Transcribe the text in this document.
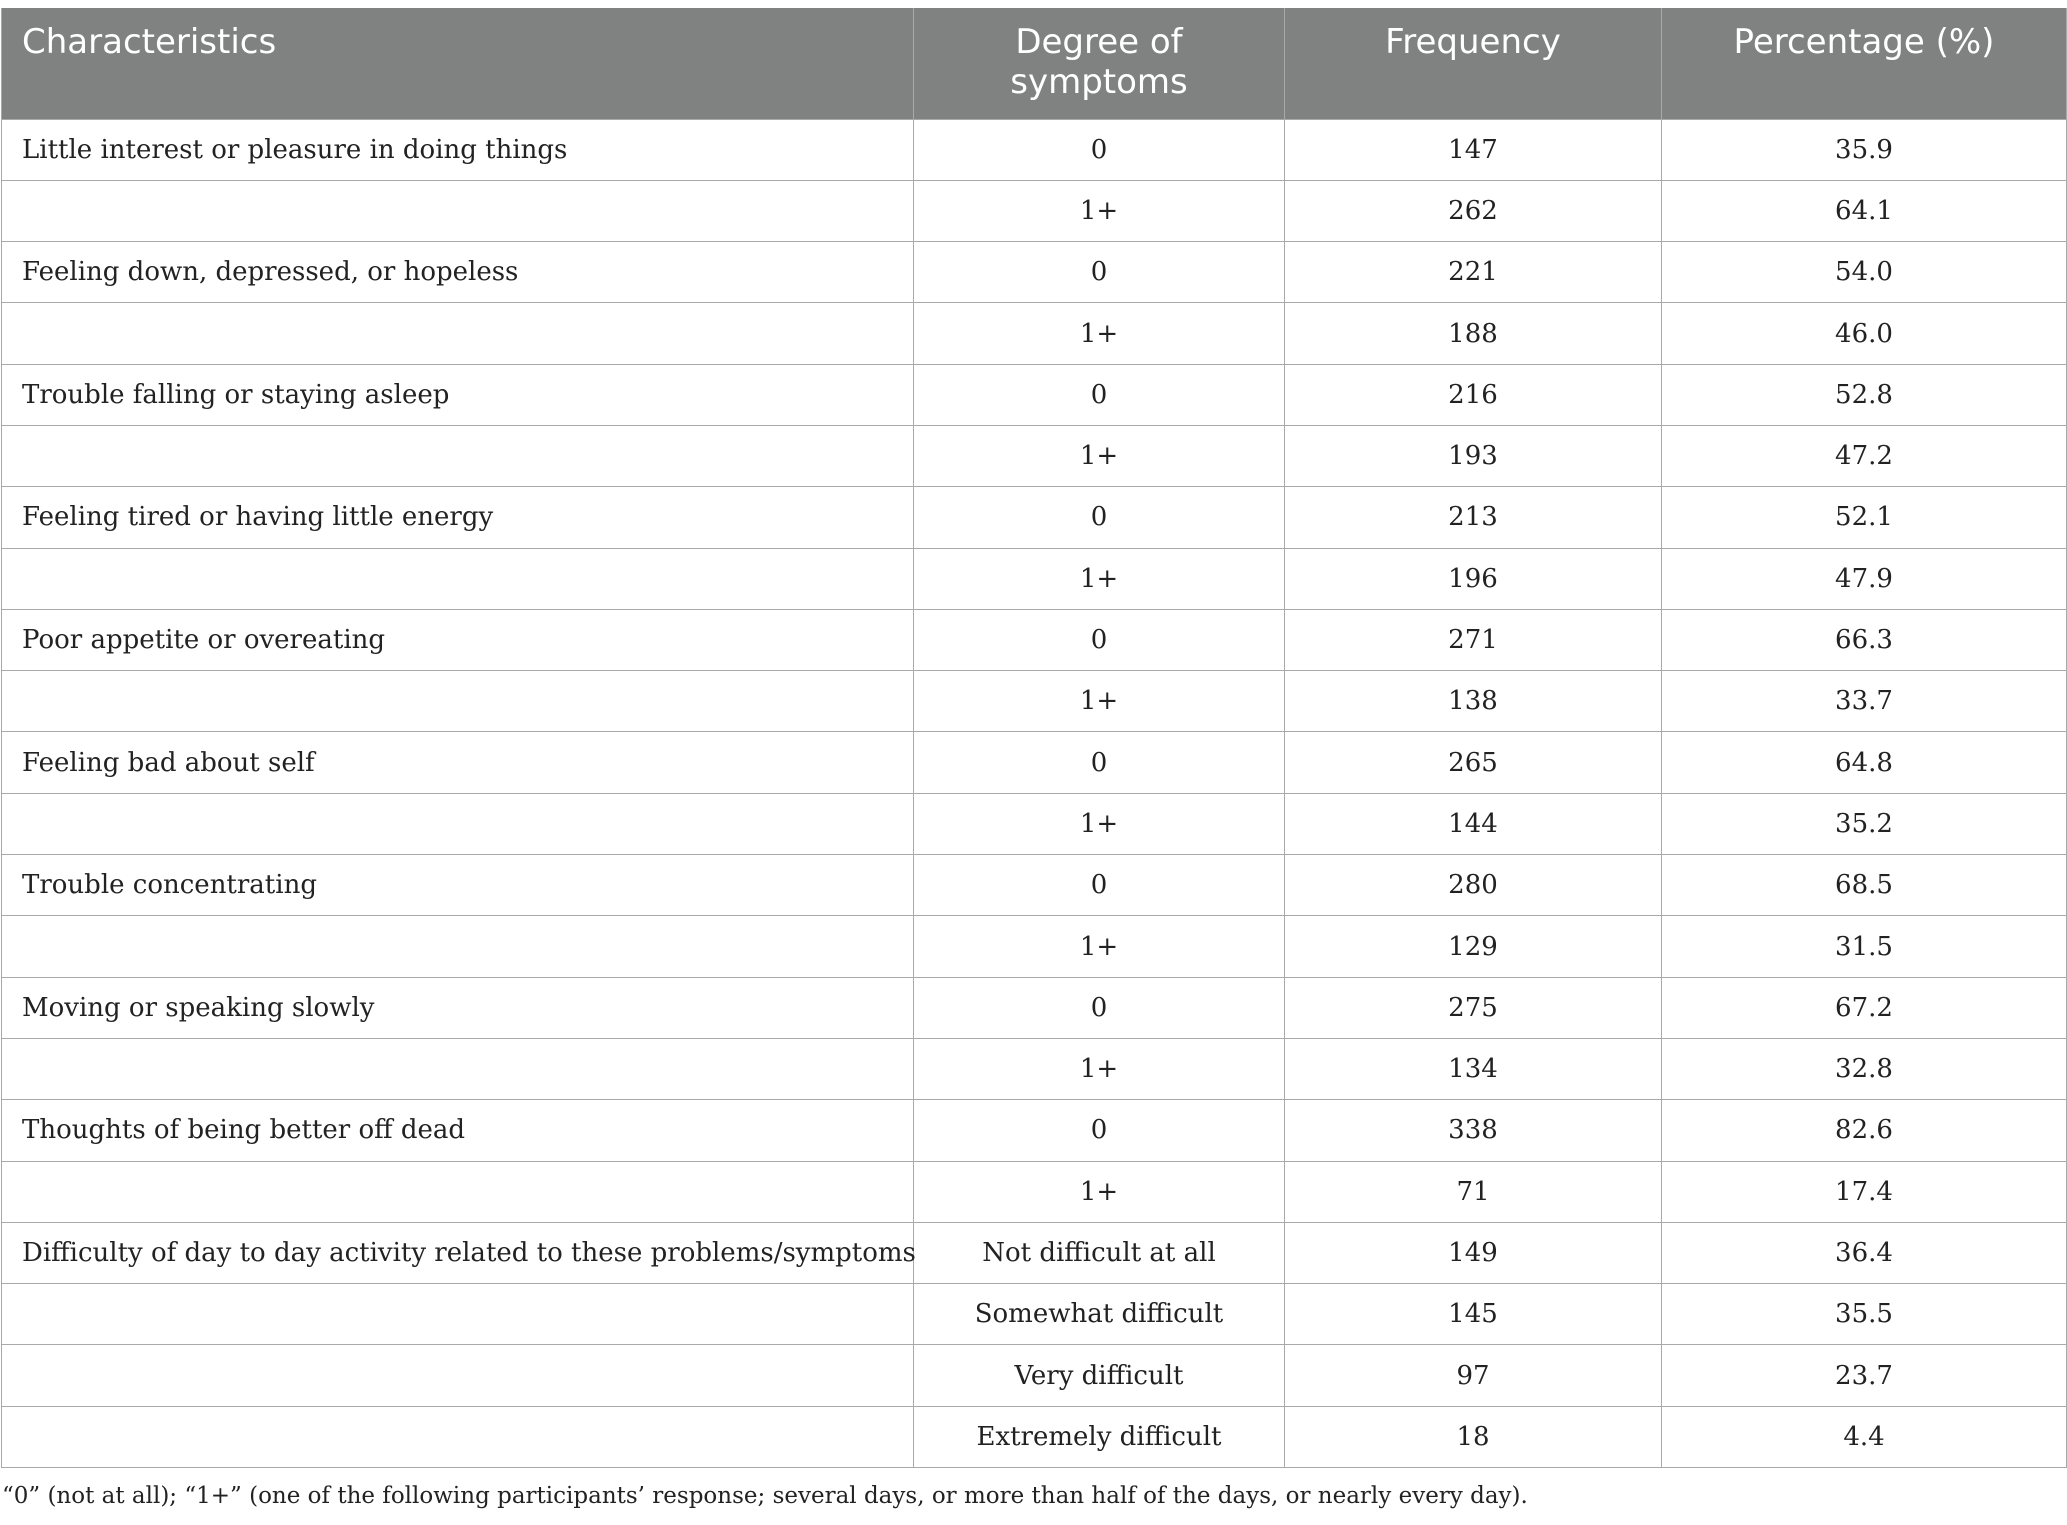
Characteristics	Degree of symptoms	Frequency	Percentage (%)
Little interest or pleasure in doing things	0	147	35.9
	1+	262	64.1
Feeling down, depressed, or hopeless	0	221	54.0
	1+	188	46.0
Trouble falling or staying asleep	0	216	52.8
	1+	193	47.2
Feeling tired or having little energy	0	213	52.1
	1+	196	47.9
Poor appetite or overeating	0	271	66.3
	1+	138	33.7
Feeling bad about self	0	265	64.8
	1+	144	35.2
Trouble concentrating	0	280	68.5
	1+	129	31.5
Moving or speaking slowly	0	275	67.2
	1+	134	32.8
Thoughts of being better off dead	0	338	82.6
	1+	71	17.4
Difficulty of day to day activity related to these problems/symptoms	Not difficult at all	149	36.4
	Somewhat difficult	145	35.5
	Very difficult	97	23.7
	Extremely difficult	18	4.4
“0” (not at all); “1+” (one of the following participants’ response; several days, or more than half of the days, or nearly every day).
